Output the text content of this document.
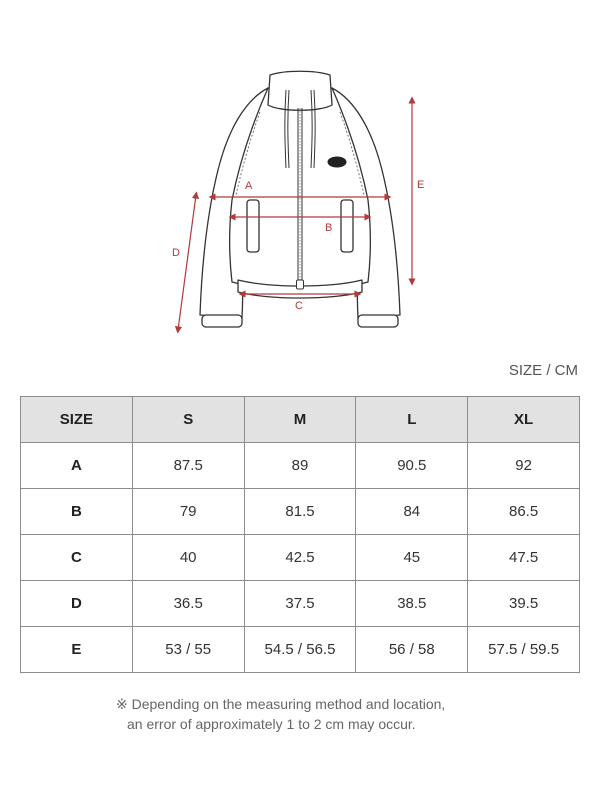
A
B
C
D
E
SIZE / CM
SIZE	S	M	L	XL
A	87.5	89	90.5	92
B	79	81.5	84	86.5
C	40	42.5	45	47.5
D	36.5	37.5	38.5	39.5
E	53 / 55	54.5 / 56.5	56 / 58	57.5 / 59.5
※ Depending on the measuring method and location,
an error of approximately 1 to 2 cm may occur.
